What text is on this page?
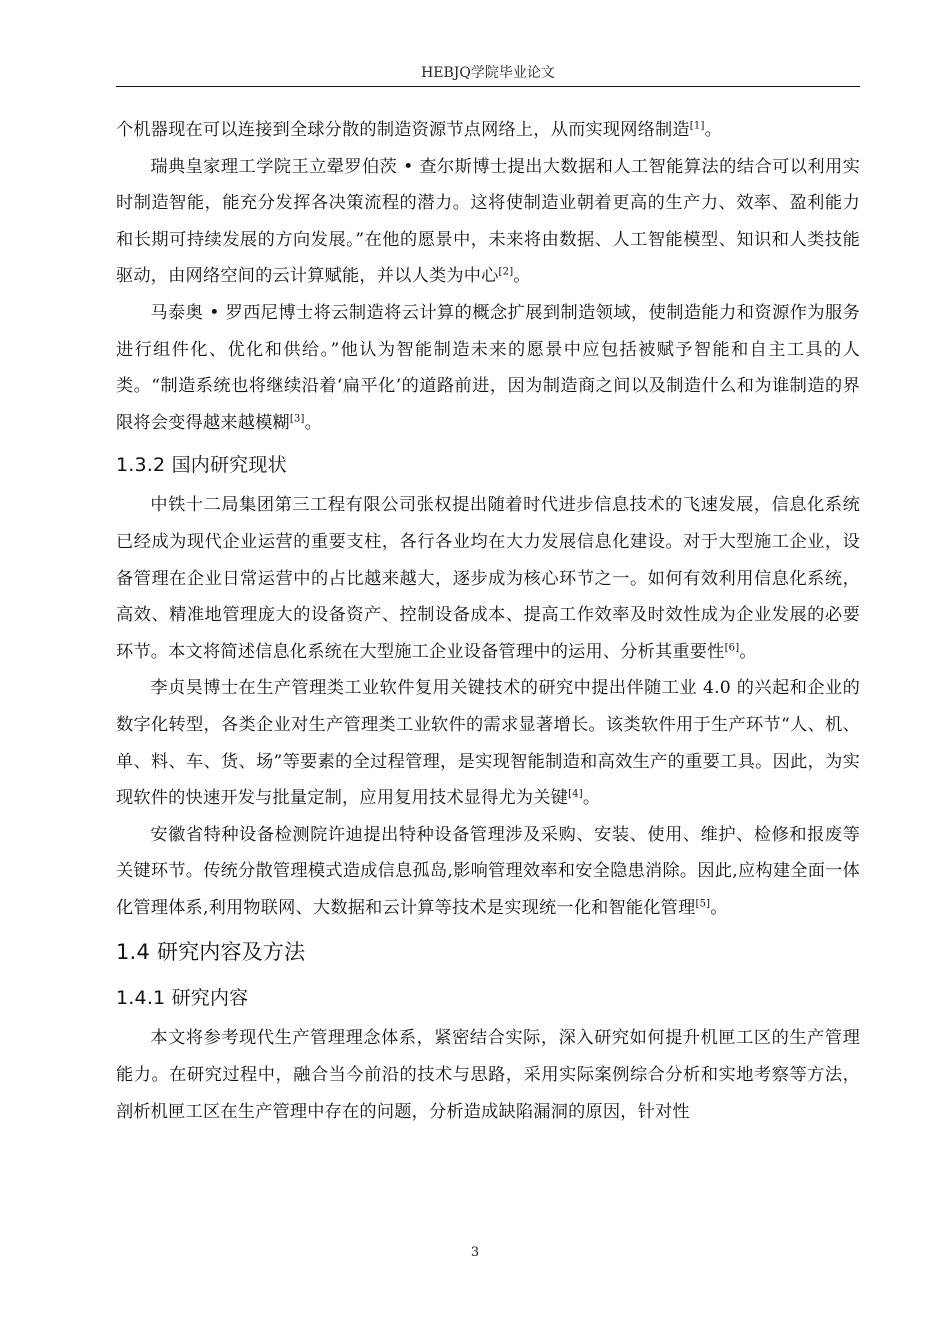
HEBJQ学院毕业论文

个机器现在可以连接到全球分散的制造资源节点网络上，从而实现网络制造[1]。

瑞典皇家理工学院王立翚罗伯茨 • 查尔斯博士提出大数据和人工智能算法的结合可以利用实时制造智能，能充分发挥各决策流程的潜力。这将使制造业朝着更高的生产力、效率、盈利能力和长期可持续发展的方向发展。”在他的愿景中，未来将由数据、人工智能模型、知识和人类技能驱动，由网络空间的云计算赋能，并以人类为中心[2]。

马泰奥 • 罗西尼博士将云制造将云计算的概念扩展到制造领域，使制造能力和资源作为服务进行组件化、优化和供给。”他认为智能制造未来的愿景中应包括被赋予智能和自主工具的人类。“制造系统也将继续沿着‘扁平化’的道路前进，因为制造商之间以及制造什么和为谁制造的界限将会变得越来越模糊[3]。

1.3.2 国内研究现状

中铁十二局集团第三工程有限公司张权提出随着时代进步信息技术的飞速发展，信息化系统已经成为现代企业运营的重要支柱，各行各业均在大力发展信息化建设。对于大型施工企业，设备管理在企业日常运营中的占比越来越大，逐步成为核心环节之一。如何有效利用信息化系统，高效、精准地管理庞大的设备资产、控制设备成本、提高工作效率及时效性成为企业发展的必要环节。本文将简述信息化系统在大型施工企业设备管理中的运用、分析其重要性[6]。

李贞昊博士在生产管理类工业软件复用关键技术的研究中提出伴随工业 4.0 的兴起和企业的数字化转型，各类企业对生产管理类工业软件的需求显著增长。该类软件用于生产环节“人、机、单、料、车、货、场”等要素的全过程管理，是实现智能制造和高效生产的重要工具。因此，为实现软件的快速开发与批量定制，应用复用技术显得尤为关键[4]。

安徽省特种设备检测院许迪提出特种设备管理涉及采购、安装、使用、维护、检修和报废等关键环节。传统分散管理模式造成信息孤岛,影响管理效率和安全隐患消除。因此,应构建全面一体化管理体系,利用物联网、大数据和云计算等技术是实现统一化和智能化管理[5]。

1.4 研究内容及方法
1.4.1 研究内容

本文将参考现代生产管理理念体系，紧密结合实际，深入研究如何提升机匣工区的生产管理能力。在研究过程中，融合当今前沿的技术与思路，采用实际案例综合分析和实地考察等方法，剖析机匣工区在生产管理中存在的问题，分析造成缺陷漏洞的原因，针对性

3
